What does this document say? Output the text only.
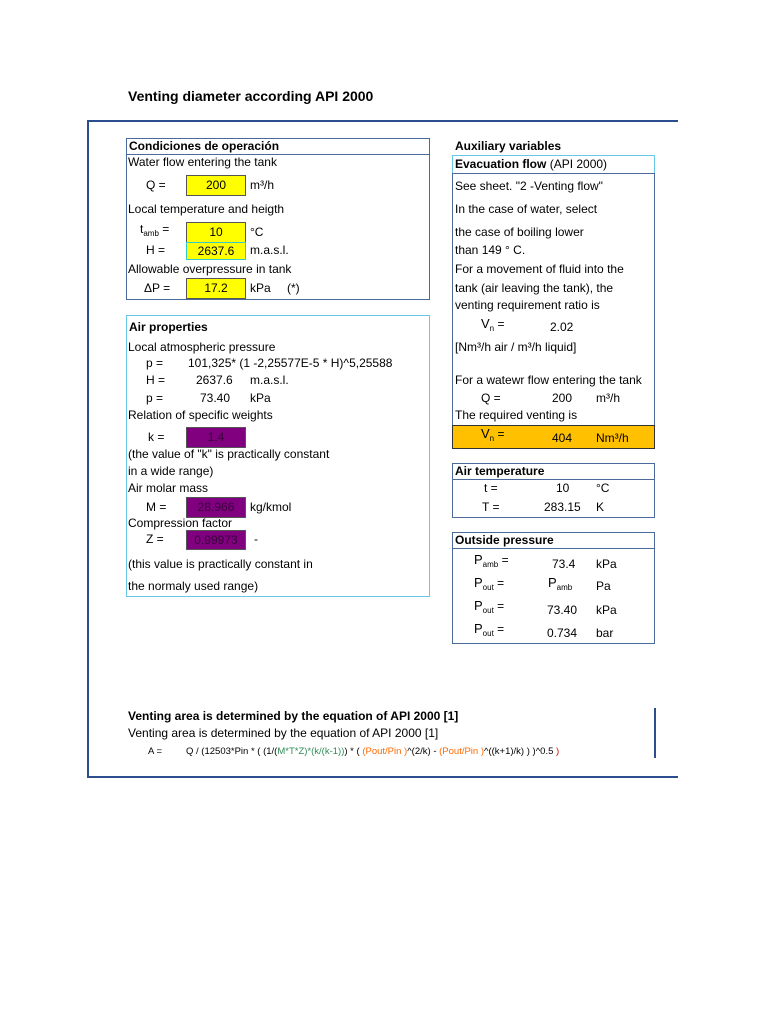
Venting diameter according API 2000
Condiciones de operación
Water flow entering the tank
Q =	200	m³/h
Local temperature and heigth
$t_{amb}$ =	10	°C
H =	2637.6	m.a.s.l.
Allowable overpressure in tank
ΔP =	17.2	kPa (*)
Air properties
Local atmospheric pressure
p = 101,325* (1 -2,25577E-5 * H)^5,25588
H =	2637.6 m.a.s.l.
p =	73.40 kPa
Relation of specific weights
k =	1.4
(the value of "k" is practically constant
in a wide range)
Air molar mass
M =	28.966	kg/kmol
Compression factor
Z =	0.99973	-
(this value is practically constant in
the normaly used range)
Auxiliary variables
Evacuation flow (API 2000)
See sheet. "2 -Venting flow"
In the case of water, select
the case of boiling lower
than 149 ° C.
For a movement of fluid into the
tank (air leaving the tank), the
venting requirement ratio is
$V_n$ =	2.02
[Nm³/h air / m³/h liquid]
For a watewr flow entering the tank
Q =	200 m³/h
The required venting is
$V_n$ =	404 Nm³/h
Air temperature
t =	10 °C
T =	283.15 K
Outside pressure
$P_{amb}$ =	73.4 kPa
$P_{out}$ =	$P_{amb}$ Pa
$P_{out}$ =	73.40 kPa
$P_{out}$ =	0.734 bar
Venting area is determined by the equation of API 2000 [1]
Venting area is determined by the equation of API 2000 [1]
A =	Q / (12503*Pin * ( (1/(M*T*Z)*(k/(k-1))) * ( (Pout/Pin )^(2/k) - (Pout/Pin )^((k+1)/k) ) )^0.5 )
